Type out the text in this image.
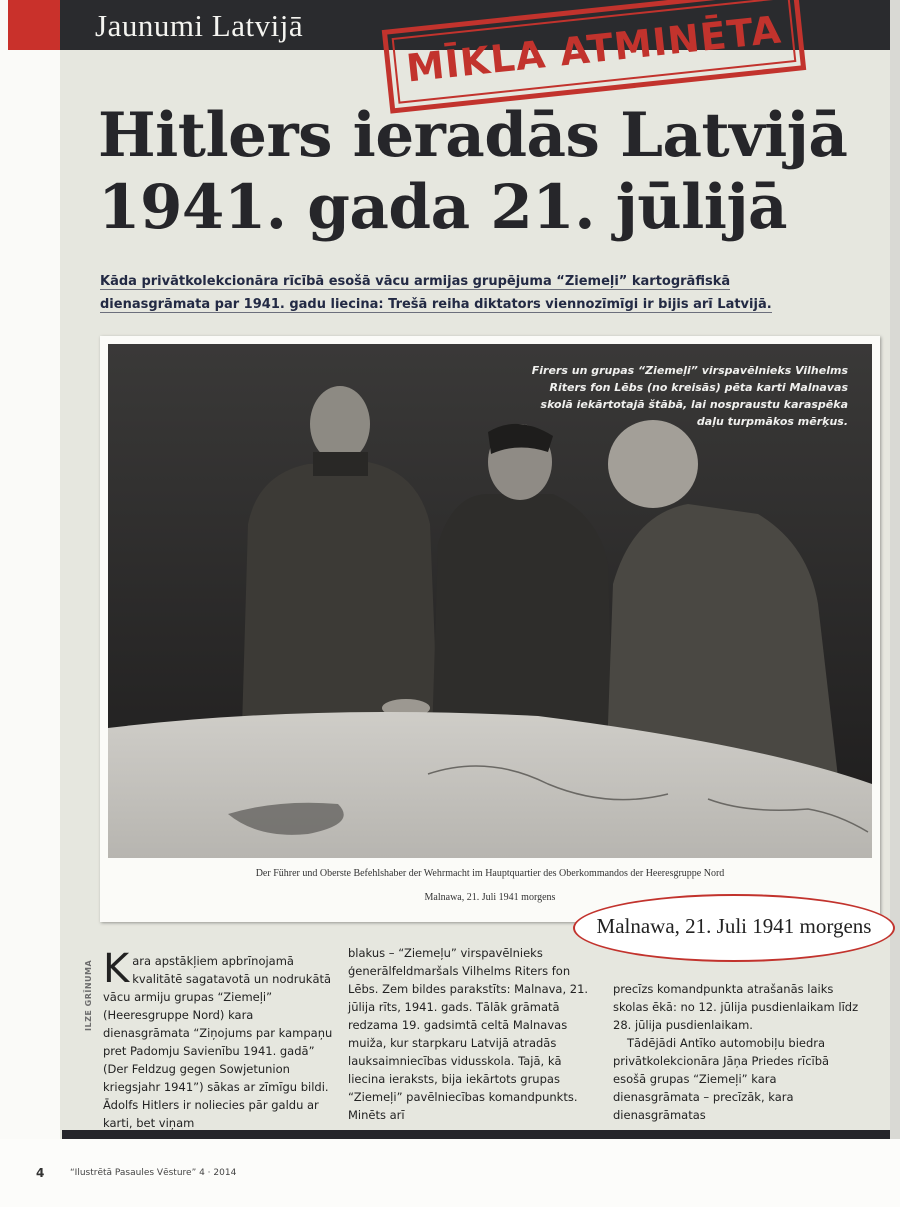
Jaunumi Latvijā	MĪKLA ATMINĒTA
Hitlers ieradās Latvijā
1941. gada 21. jūlijā
Kāda privātkolekcionāra rīcībā esošā vācu armijas grupējuma “Ziemeļi” kartogrāfiskā
dienasgrāmata par 1941. gadu liecina: Trešā reiha diktators viennozīmīgi ir bijis arī Latvijā.
Firers un grupas “Ziemeļi” virspavēlnieks Vilhelms Riters fon Lēbs (no kreisās) pēta karti Malnavas skolā iekārtotajā štābā, lai nospraustu karaspēka daļu turpmākos mērķus.
Der Führer und Oberste Befehlshaber der Wehrmacht im Hauptquartier des Oberkommandos der Heeresgruppe Nord
Malnawa, 21. Juli 1941 morgens
Malnawa, 21. Juli 1941 morgens
ILZE GRĪNUMA K ara apstākļiem apbrīnojamā kvalitātē sagatavotā un nodrukātā vācu armiju grupas “Ziemeļi” (Heeresgruppe Nord) kara dienasgrāmata “Ziņojums par kampaņu pret Padomju Savienību 1941. gadā” (Der Feldzug gegen Sowjetunion kriegsjahr 1941”) sākas ar zīmīgu bildi. Ādolfs Hitlers ir noliecies pār galdu ar karti, bet viņam

blakus – “Ziemeļu” virspavēlnieks ģenerālfeldmaršals Vilhelms Riters fon Lēbs. Zem bildes parakstīts: Malnava, 21. jūlija rīts, 1941. gads. Tālāk grāmatā redzama 19. gadsimtā celtā Malnavas muiža, kur starpkaru Latvijā atradās lauksaimniecības vidusskola. Tajā, kā liecina ieraksts, bija iekārtots grupas “Ziemeļi” pavēlniecības komandpunkts. Minēts arī

precīzs komandpunkta atrašanās laiks skolas ēkā: no 12. jūlija pusdienlaikam līdz 28. jūlija pusdienlaikam.

Tādējādi Antīko automobiļu biedra privātkolekcionāra Jāņa Priedes rīcībā esošā grupas “Ziemeļi” kara dienasgrāmata – precīzāk, kara dienasgrāmatas

4	“Ilustrētā Pasaules Vēsture” 4 · 2014
